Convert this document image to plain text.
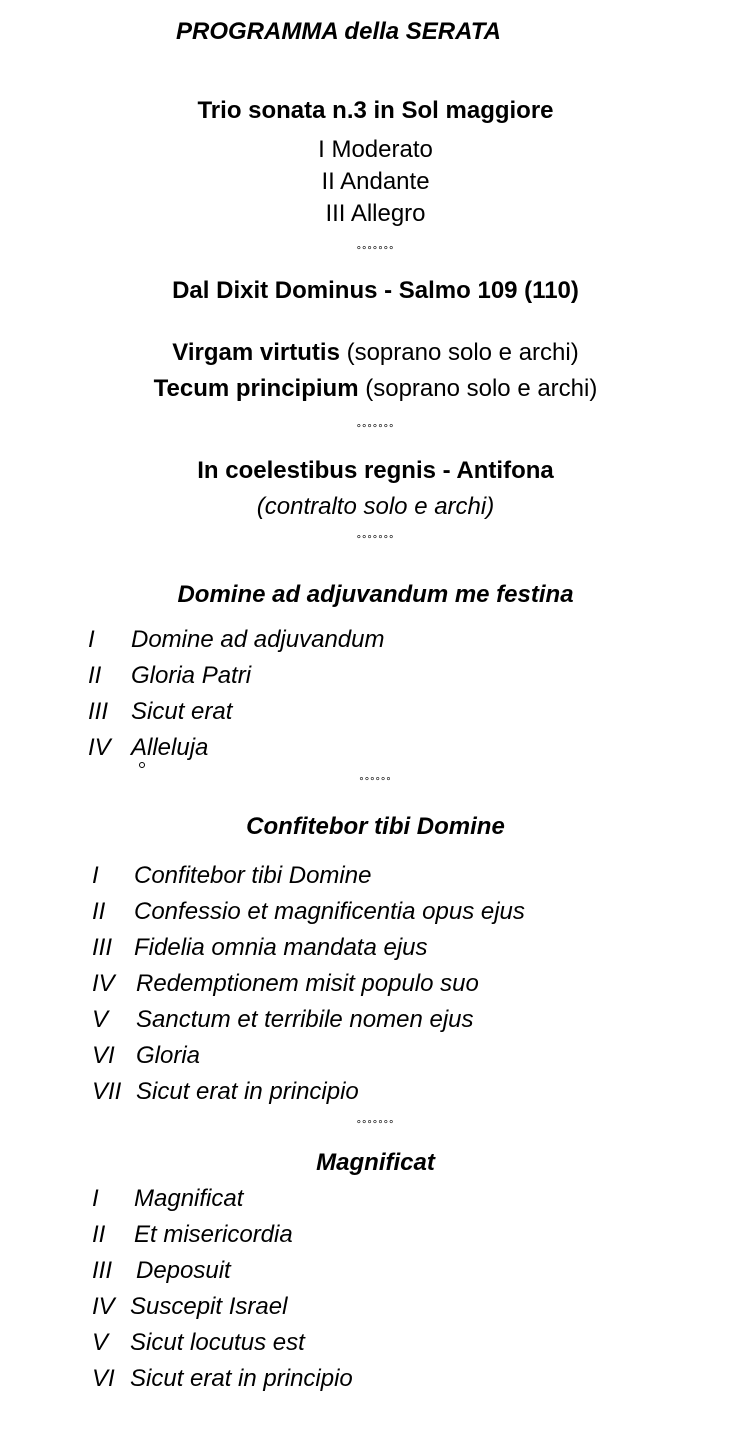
PROGRAMMA della SERATA
Trio sonata n.3 in Sol maggiore
I Moderato
II Andante
III Allegro
°°°°°°°
Dal Dixit Dominus - Salmo 109 (110)
Virgam virtutis (soprano solo e archi)
Tecum principium (soprano solo e archi)
°°°°°°°
In coelestibus regnis - Antifona
(contralto solo e archi)
°°°°°°°
Domine ad adjuvandum me festina
I Domine ad adjuvandum
II Gloria Patri
III Sicut erat
IV Alleluja
°°°°°°
Confitebor tibi Domine
I Confitebor tibi Domine
II Confessio et magnificentia opus ejus
III Fidelia omnia mandata ejus
IV Redemptionem misit populo suo
V Sanctum et terribile nomen ejus
VI Gloria
VII Sicut erat in principio
°°°°°°°
Magnificat
I Magnificat
II Et misericordia
III Deposuit
IV Suscepit Israel
V Sicut locutus est
VI Sicut erat in principio
